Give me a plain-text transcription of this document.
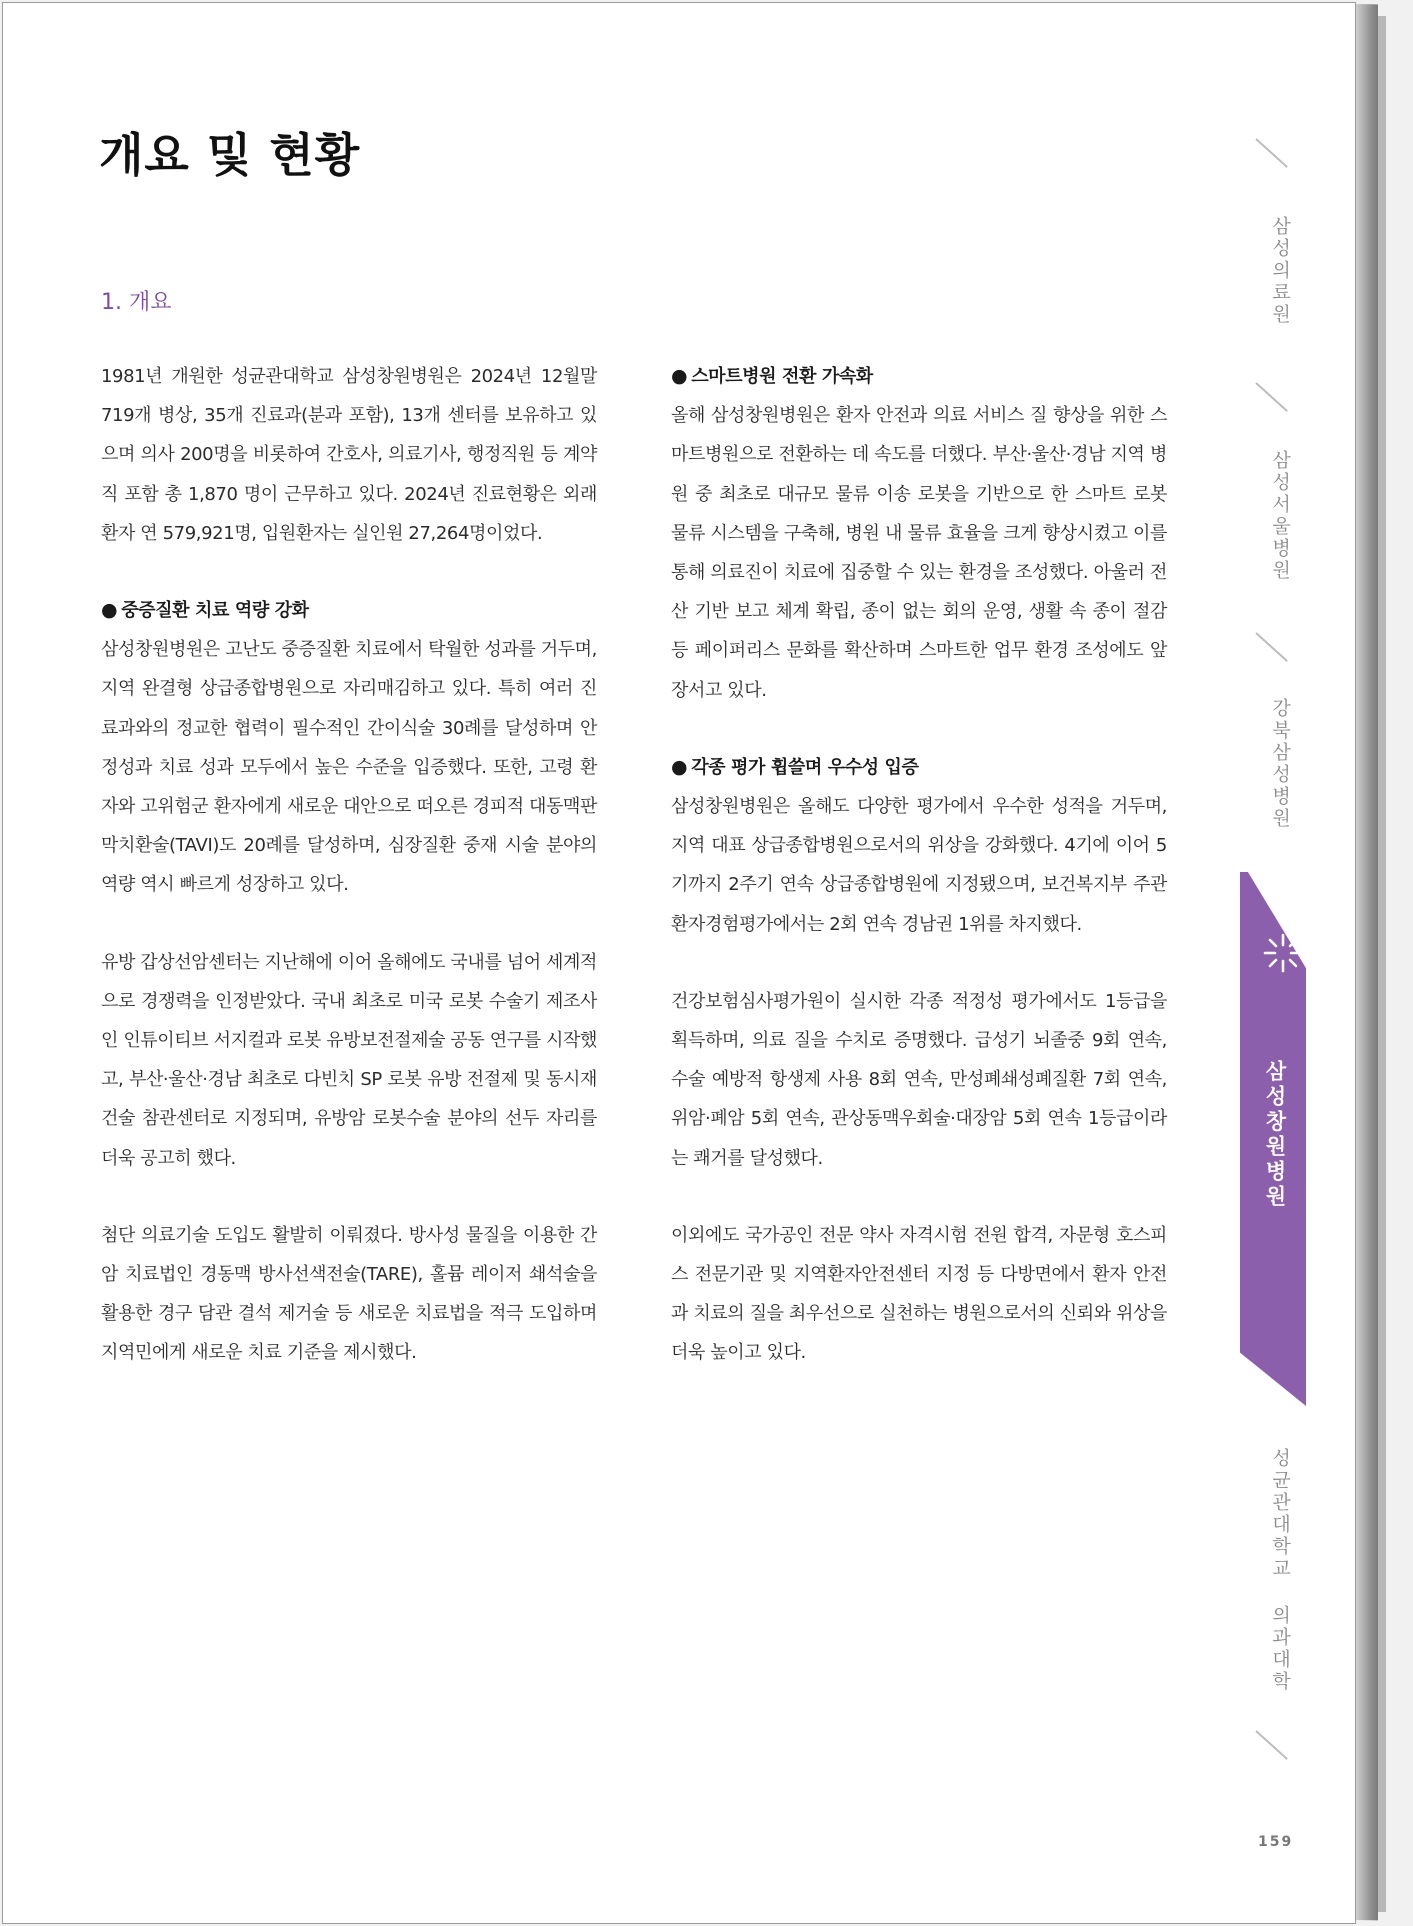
개요 및 현황
1. 개요

1981년 개원한 성균관대학교 삼성창원병원은 2024년 12월말 719개 병상, 35개 진료과(분과 포함), 13개 센터를 보유하고 있으며 의사 200명을 비롯하여 간호사, 의료기사, 행정직원 등 계약직 포함 총 1,870 명이 근무하고 있다. 2024년 진료현황은 외래환자 연 579,921명, 입원환자는 실인원 27,264명이었다.

● 중증질환 치료 역량 강화

삼성창원병원은 고난도 중증질환 치료에서 탁월한 성과를 거두며, 지역 완결형 상급종합병원으로 자리매김하고 있다. 특히 여러 진료과와의 정교한 협력이 필수적인 간이식술 30례를 달성하며 안정성과 치료 성과 모두에서 높은 수준을 입증했다. 또한, 고령 환자와 고위험군 환자에게 새로운 대안으로 떠오른 경피적 대동맥판막치환술(TAVI)도 20례를 달성하며, 심장질환 중재 시술 분야의 역량 역시 빠르게 성장하고 있다.

유방 갑상선암센터는 지난해에 이어 올해에도 국내를 넘어 세계적으로 경쟁력을 인정받았다. 국내 최초로 미국 로봇 수술기 제조사인 인튜이티브 서지컬과 로봇 유방보전절제술 공동 연구를 시작했고, 부산·울산·경남 최초로 다빈치 SP 로봇 유방 전절제 및 동시재건술 참관센터로 지정되며, 유방암 로봇수술 분야의 선두 자리를 더욱 공고히 했다.

첨단 의료기술 도입도 활발히 이뤄졌다. 방사성 물질을 이용한 간암 치료법인 경동맥 방사선색전술(TARE), 홀뮴 레이저 쇄석술을 활용한 경구 담관 결석 제거술 등 새로운 치료법을 적극 도입하며 지역민에게 새로운 치료 기준을 제시했다.

● 스마트병원 전환 가속화

올해 삼성창원병원은 환자 안전과 의료 서비스 질 향상을 위한 스마트병원으로 전환하는 데 속도를 더했다. 부산·울산·경남 지역 병원 중 최초로 대규모 물류 이송 로봇을 기반으로 한 스마트 로봇 물류 시스템을 구축해, 병원 내 물류 효율을 크게 향상시켰고 이를 통해 의료진이 치료에 집중할 수 있는 환경을 조성했다. 아울러 전산 기반 보고 체계 확립, 종이 없는 회의 운영, 생활 속 종이 절감 등 페이퍼리스 문화를 확산하며 스마트한 업무 환경 조성에도 앞장서고 있다.

● 각종 평가 휩쓸며 우수성 입증

삼성창원병원은 올해도 다양한 평가에서 우수한 성적을 거두며, 지역 대표 상급종합병원으로서의 위상을 강화했다. 4기에 이어 5기까지 2주기 연속 상급종합병원에 지정됐으며, 보건복지부 주관 환자경험평가에서는 2회 연속 경남권 1위를 차지했다.

건강보험심사평가원이 실시한 각종 적정성 평가에서도 1등급을 획득하며, 의료 질을 수치로 증명했다. 급성기 뇌졸중 9회 연속, 수술 예방적 항생제 사용 8회 연속, 만성폐쇄성폐질환 7회 연속, 위암·폐암 5회 연속, 관상동맥우회술·대장암 5회 연속 1등급이라는 쾌거를 달성했다.

이외에도 국가공인 전문 약사 자격시험 전원 합격, 자문형 호스피스 전문기관 및 지역환자안전센터 지정 등 다방면에서 환자 안전과 치료의 질을 최우선으로 실천하는 병원으로서의 신뢰와 위상을 더욱 높이고 있다.

삼성의료원
삼성서울병원
강북삼성병원
성균관대학교 의과대학
삼성창원병원
159
